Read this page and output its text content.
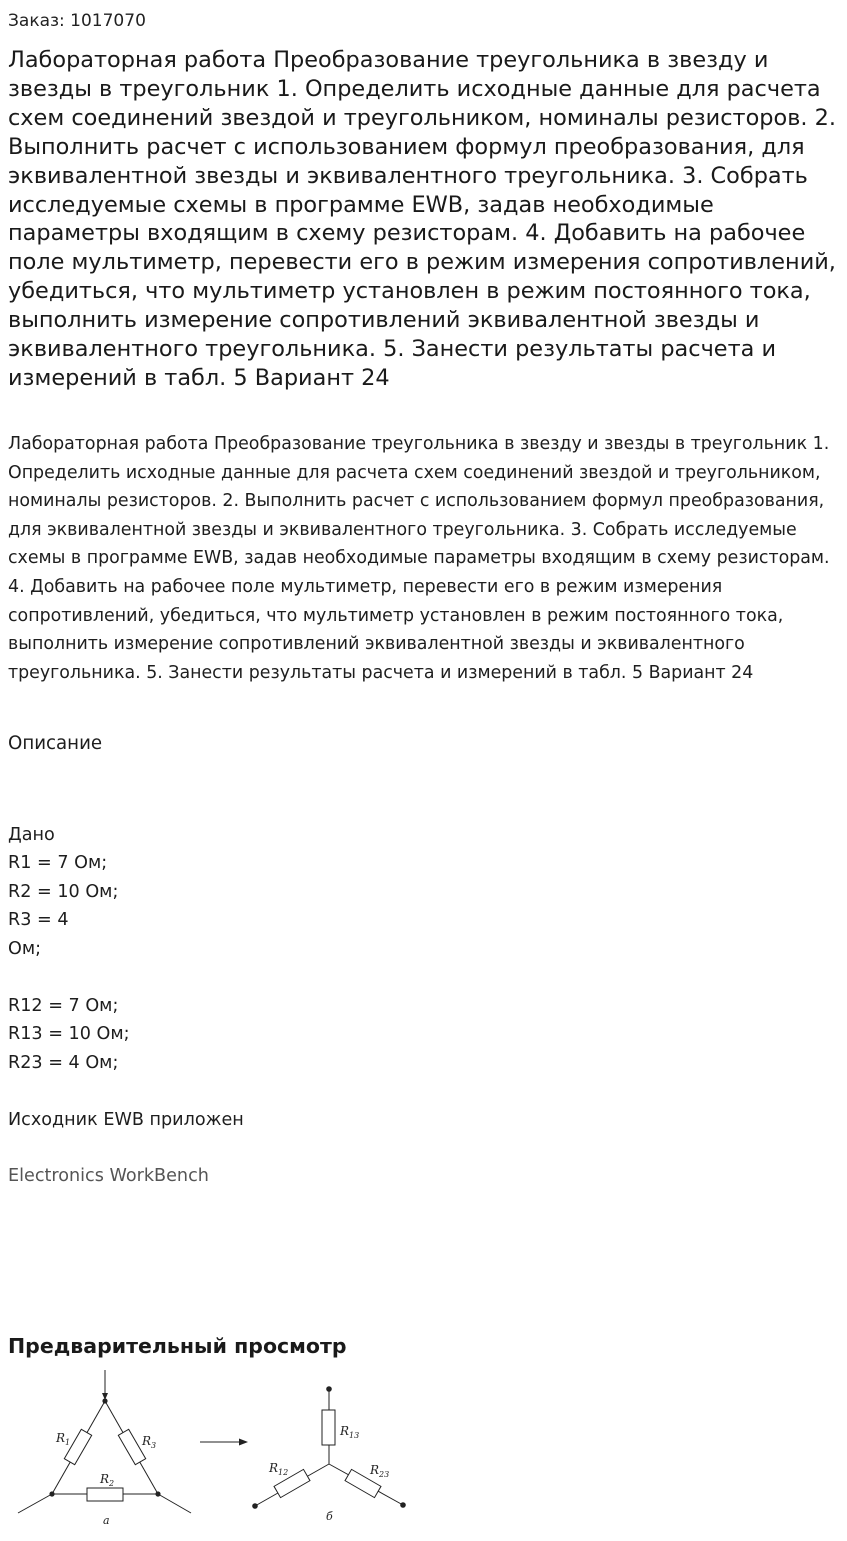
Заказ: 1017070
Лабораторная работа Преобразование треугольника в звезду и звезды в треугольник 1. Определить исходные данные для расчета схем соединений звездой и треугольником, номиналы резисторов. 2. Выполнить расчет с использованием формул преобразования, для эквивалентной звезды и эквивалентного треугольника. 3. Собрать исследуемые схемы в программе EWB, задав необходимые параметры входящим в схему резисторам. 4. Добавить на рабочее поле мультиметр, перевести его в режим измерения сопротивлений, убедиться, что мультиметр установлен в режим постоянного тока, выполнить измерение сопротивлений эквивалентной звезды и эквивалентного треугольника. 5. Занести результаты расчета и измерений в табл. 5 Вариант 24

Лабораторная работа Преобразование треугольника в звезду и звезды в треугольник 1. Определить исходные данные для расчета схем соединений звездой и треугольником, номиналы резисторов. 2. Выполнить расчет с использованием формул преобразования, для эквивалентной звезды и эквивалентного треугольника. 3. Собрать исследуемые схемы в программе EWB, задав необходимые параметры входящим в схему резисторам. 4. Добавить на рабочее поле мультиметр, перевести его в режим измерения сопротивлений, убедиться, что мультиметр установлен в режим постоянного тока, выполнить измерение сопротивлений эквивалентной звезды и эквивалентного треугольника. 5. Занести результаты расчета и измерений в табл. 5 Вариант 24

Описание
Дано
R1 = 7 Ом;
R2 = 10 Ом;
R3 = 4
Ом;
R12 = 7 Ом;
R13 = 10 Ом;
R23 = 4 Ом;
Исходник EWB приложен
Electronics WorkBench
Предварительный просмотр
$R_1$	$R_3$
$R_2$
а
$R_{13}$
$R_{12}$	$R_{23}$
б
